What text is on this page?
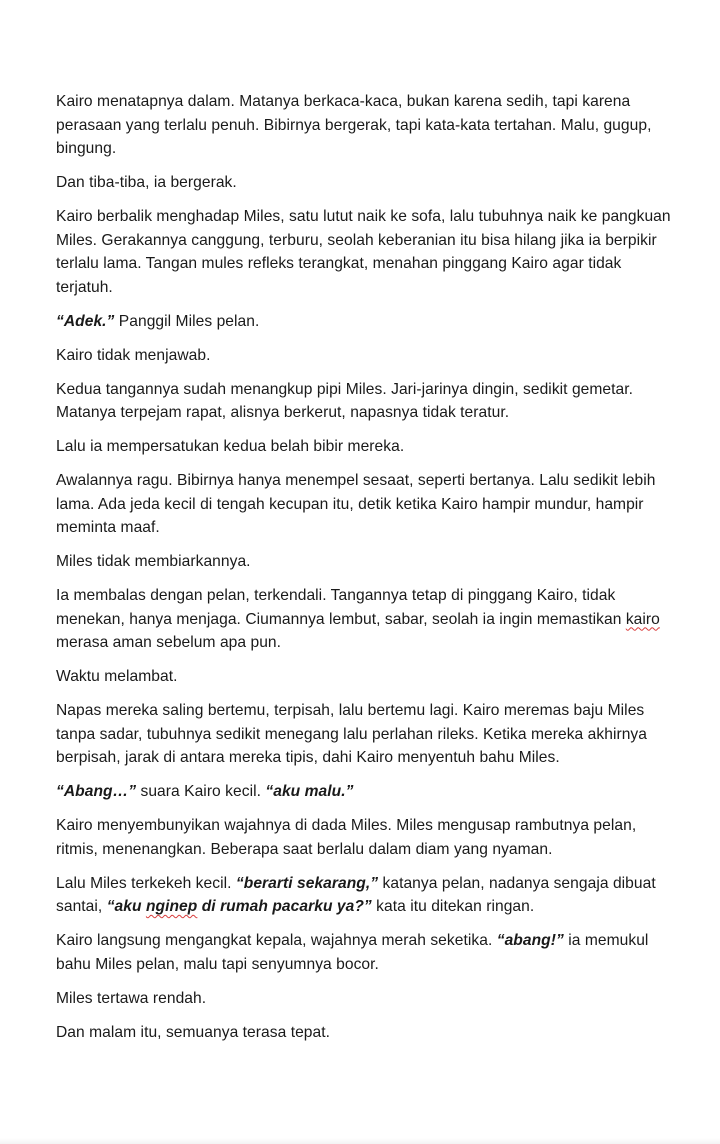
Kairo menatapnya dalam. Matanya berkaca-kaca, bukan karena sedih, tapi karena perasaan yang terlalu penuh. Bibirnya bergerak, tapi kata-kata tertahan. Malu, gugup, bingung.

Dan tiba-tiba, ia bergerak.

Kairo berbalik menghadap Miles, satu lutut naik ke sofa, lalu tubuhnya naik ke pangkuan Miles. Gerakannya canggung, terburu, seolah keberanian itu bisa hilang jika ia berpikir terlalu lama. Tangan mules refleks terangkat, menahan pinggang Kairo agar tidak terjatuh.

“Adek.” Panggil Miles pelan.

Kairo tidak menjawab.

Kedua tangannya sudah menangkup pipi Miles. Jari-jarinya dingin, sedikit gemetar. Matanya terpejam rapat, alisnya berkerut, napasnya tidak teratur.

Lalu ia mempersatukan kedua belah bibir mereka.

Awalannya ragu. Bibirnya hanya menempel sesaat, seperti bertanya. Lalu sedikit lebih lama. Ada jeda kecil di tengah kecupan itu, detik ketika Kairo hampir mundur, hampir meminta maaf.

Miles tidak membiarkannya.

Ia membalas dengan pelan, terkendali. Tangannya tetap di pinggang Kairo, tidak menekan, hanya menjaga. Ciumannya lembut, sabar, seolah ia ingin memastikan kairo merasa aman sebelum apa pun.

Waktu melambat.

Napas mereka saling bertemu, terpisah, lalu bertemu lagi. Kairo meremas baju Miles tanpa sadar, tubuhnya sedikit menegang lalu perlahan rileks. Ketika mereka akhirnya berpisah, jarak di antara mereka tipis, dahi Kairo menyentuh bahu Miles.

“Abang…” suara Kairo kecil. “aku malu.”

Kairo menyembunyikan wajahnya di dada Miles. Miles mengusap rambutnya pelan, ritmis, menenangkan. Beberapa saat berlalu dalam diam yang nyaman.

Lalu Miles terkekeh kecil. “berarti sekarang,” katanya pelan, nadanya sengaja dibuat santai, “aku nginep di rumah pacarku ya?” kata itu ditekan ringan.

Kairo langsung mengangkat kepala, wajahnya merah seketika. “abang!” ia memukul bahu Miles pelan, malu tapi senyumnya bocor.

Miles tertawa rendah.

Dan malam itu, semuanya terasa tepat.
